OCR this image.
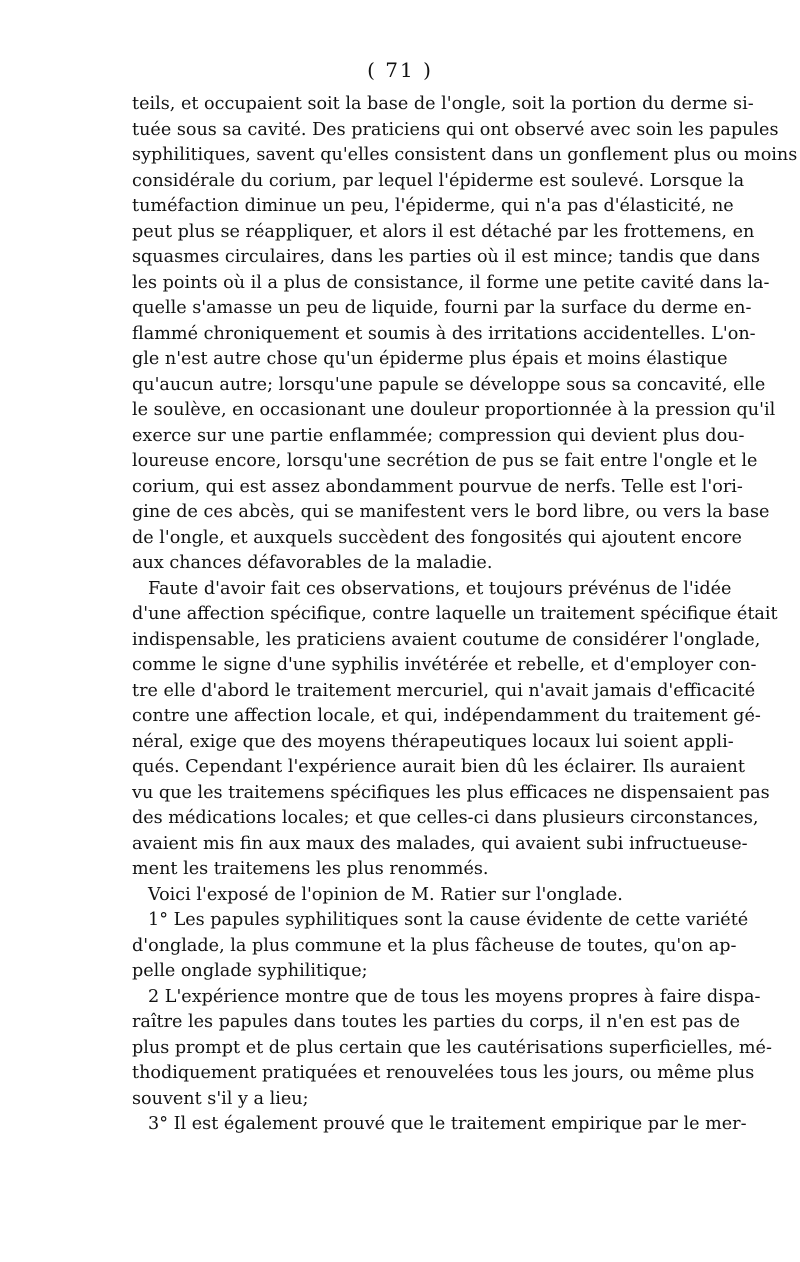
( 71 )
teils, et occupaient soit la base de l'ongle, soit la portion du derme si-
tuée sous sa cavité. Des praticiens qui ont observé avec soin les papules
syphilitiques, savent qu'elles consistent dans un gonflement plus ou moins
considérale du corium, par lequel l'épiderme est soulevé. Lorsque la
tuméfaction diminue un peu, l'épiderme, qui n'a pas d'élasticité, ne
peut plus se réappliquer, et alors il est détaché par les frottemens, en
squasmes circulaires, dans les parties où il est mince; tandis que dans
les points où il a plus de consistance, il forme une petite cavité dans la-
quelle s'amasse un peu de liquide, fourni par la surface du derme en-
flammé chroniquement et soumis à des irritations accidentelles. L'on-
gle n'est autre chose qu'un épiderme plus épais et moins élastique
qu'aucun autre; lorsqu'une papule se développe sous sa concavité, elle
le soulève, en occasionant une douleur proportionnée à la pression qu'il
exerce sur une partie enflammée; compression qui devient plus dou-
loureuse encore, lorsqu'une secrétion de pus se fait entre l'ongle et le
corium, qui est assez abondamment pourvue de nerfs. Telle est l'ori-
gine de ces abcès, qui se manifestent vers le bord libre, ou vers la base
de l'ongle, et auxquels succèdent des fongosités qui ajoutent encore
aux chances défavorables de la maladie.
Faute d'avoir fait ces observations, et toujours prévénus de l'idée
d'une affection spécifique, contre laquelle un traitement spécifique était
indispensable, les praticiens avaient coutume de considérer l'onglade,
comme le signe d'une syphilis invétérée et rebelle, et d'employer con-
tre elle d'abord le traitement mercuriel, qui n'avait jamais d'efficacité
contre une affection locale, et qui, indépendamment du traitement gé-
néral, exige que des moyens thérapeutiques locaux lui soient appli-
qués. Cependant l'expérience aurait bien dû les éclairer. Ils auraient
vu que les traitemens spécifiques les plus efficaces ne dispensaient pas
des médications locales; et que celles-ci dans plusieurs circonstances,
avaient mis fin aux maux des malades, qui avaient subi infructueuse-
ment les traitemens les plus renommés.
Voici l'exposé de l'opinion de M. Ratier sur l'onglade.
1° Les papules syphilitiques sont la cause évidente de cette variété
d'onglade, la plus commune et la plus fâcheuse de toutes, qu'on ap-
pelle onglade syphilitique;
2 L'expérience montre que de tous les moyens propres à faire dispa-
raître les papules dans toutes les parties du corps, il n'en est pas de
plus prompt et de plus certain que les cautérisations superficielles, mé-
thodiquement pratiquées et renouvelées tous les jours, ou même plus
souvent s'il y a lieu;
3° Il est également prouvé que le traitement empirique par le mer-
